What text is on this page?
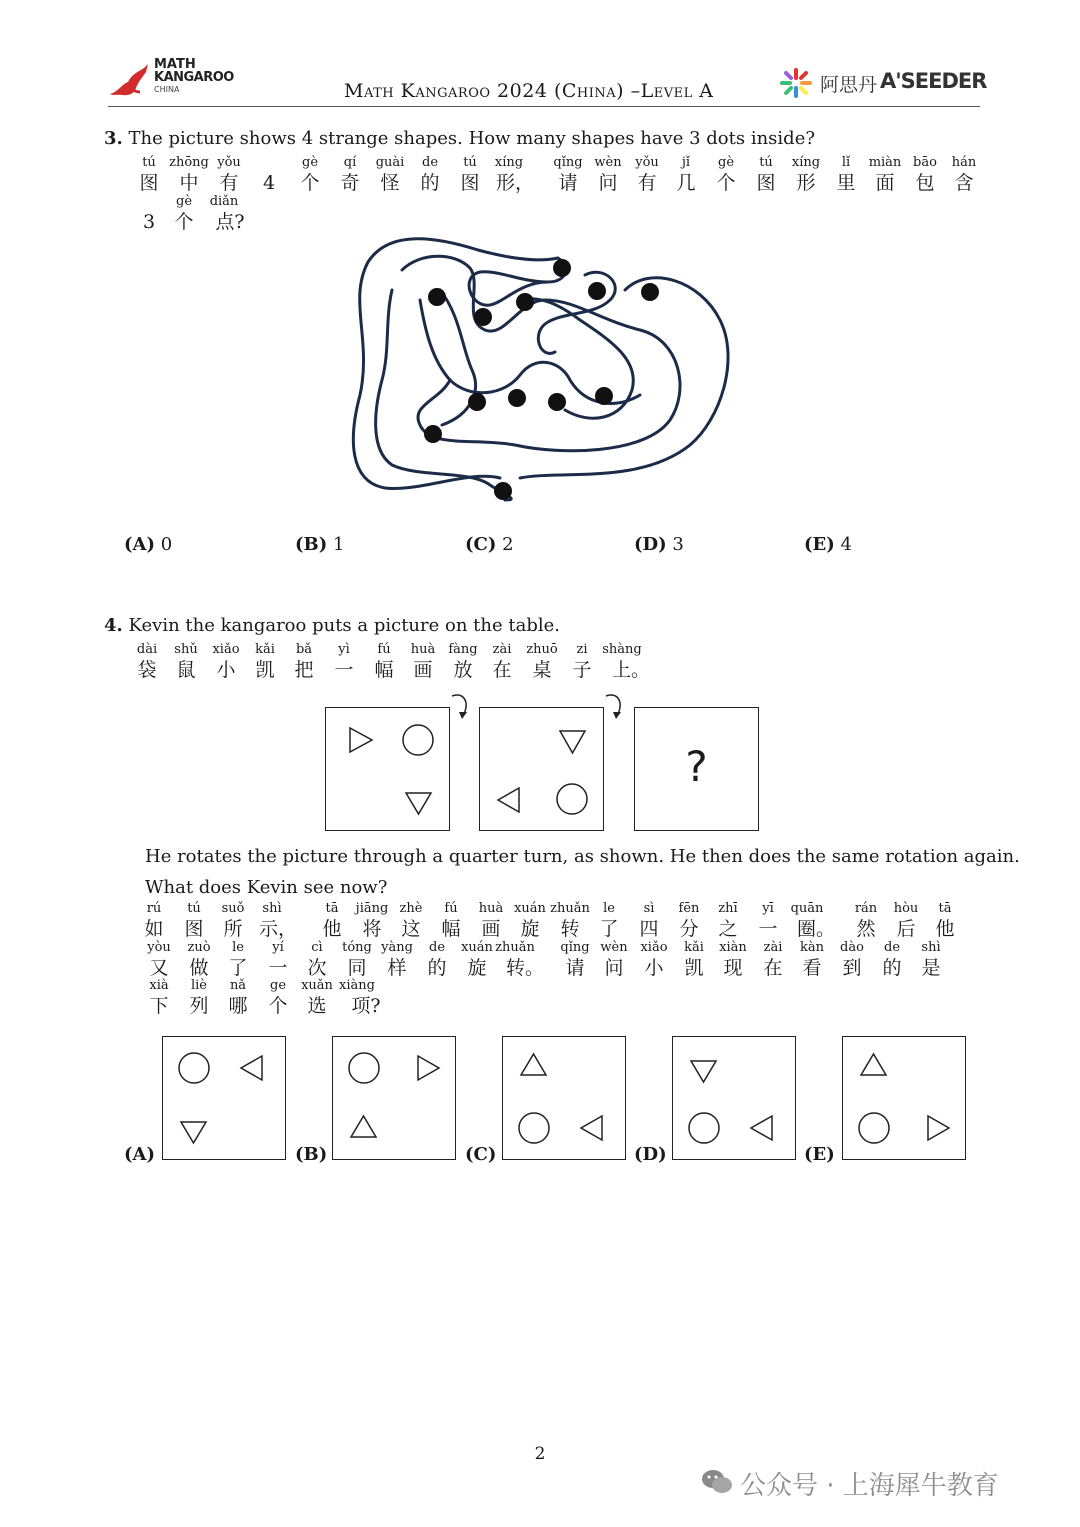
MATH
KANGAROO
CHINA	Math Kangaroo 2024 (China) –Level A	阿思丹 A'SEEDER
3. The picture shows 4 strange shapes. How many shapes have 3 dots inside?
tú zhōng yǒu	gè qí guài de tú xíng qǐng wèn yǒu jǐ gè tú xíng lǐ miàn bāo hán
图 中 有 4 个 奇 怪 的 图 形， 请 问 有 几 个 图 形 里 面 包 含
gè diǎn
3 个 点?
(A) 0	(B) 1	(C) 2	(D) 3	(E) 4
4. Kevin the kangaroo puts a picture on the table.
dài shǔ xiǎo kǎi bǎ yì fú huà fàng zài zhuō zi shàng
袋 鼠 小 凯 把 一 幅 画 放 在 桌 子 上。
?
He rotates the picture through a quarter turn, as shown. He then does the same rotation again.
What does Kevin see now?
rú tú suǒ shì	tā jiāng zhè fú huà xuán zhuǎn le sì fēn zhī yī quān rán hòu tā
如 图 所 示， 他 将 这 幅 画 旋 转 了 四 分 之 一 圈。 然 后 他
yòu zuò le yí cì tóng yàng de xuán zhuǎn qǐng wèn xiǎo kǎi xiàn zài kàn dào de shì
又 做 了 一 次 同 样 的 旋 转。 请 问 小 凯 现 在 看 到 的 是
xià liè nǎ ge xuǎn xiàng
下 列 哪 个 选 项?
(A)	(B)	(C)	(D)	(E)
2
公众号 · 上海犀牛教育
